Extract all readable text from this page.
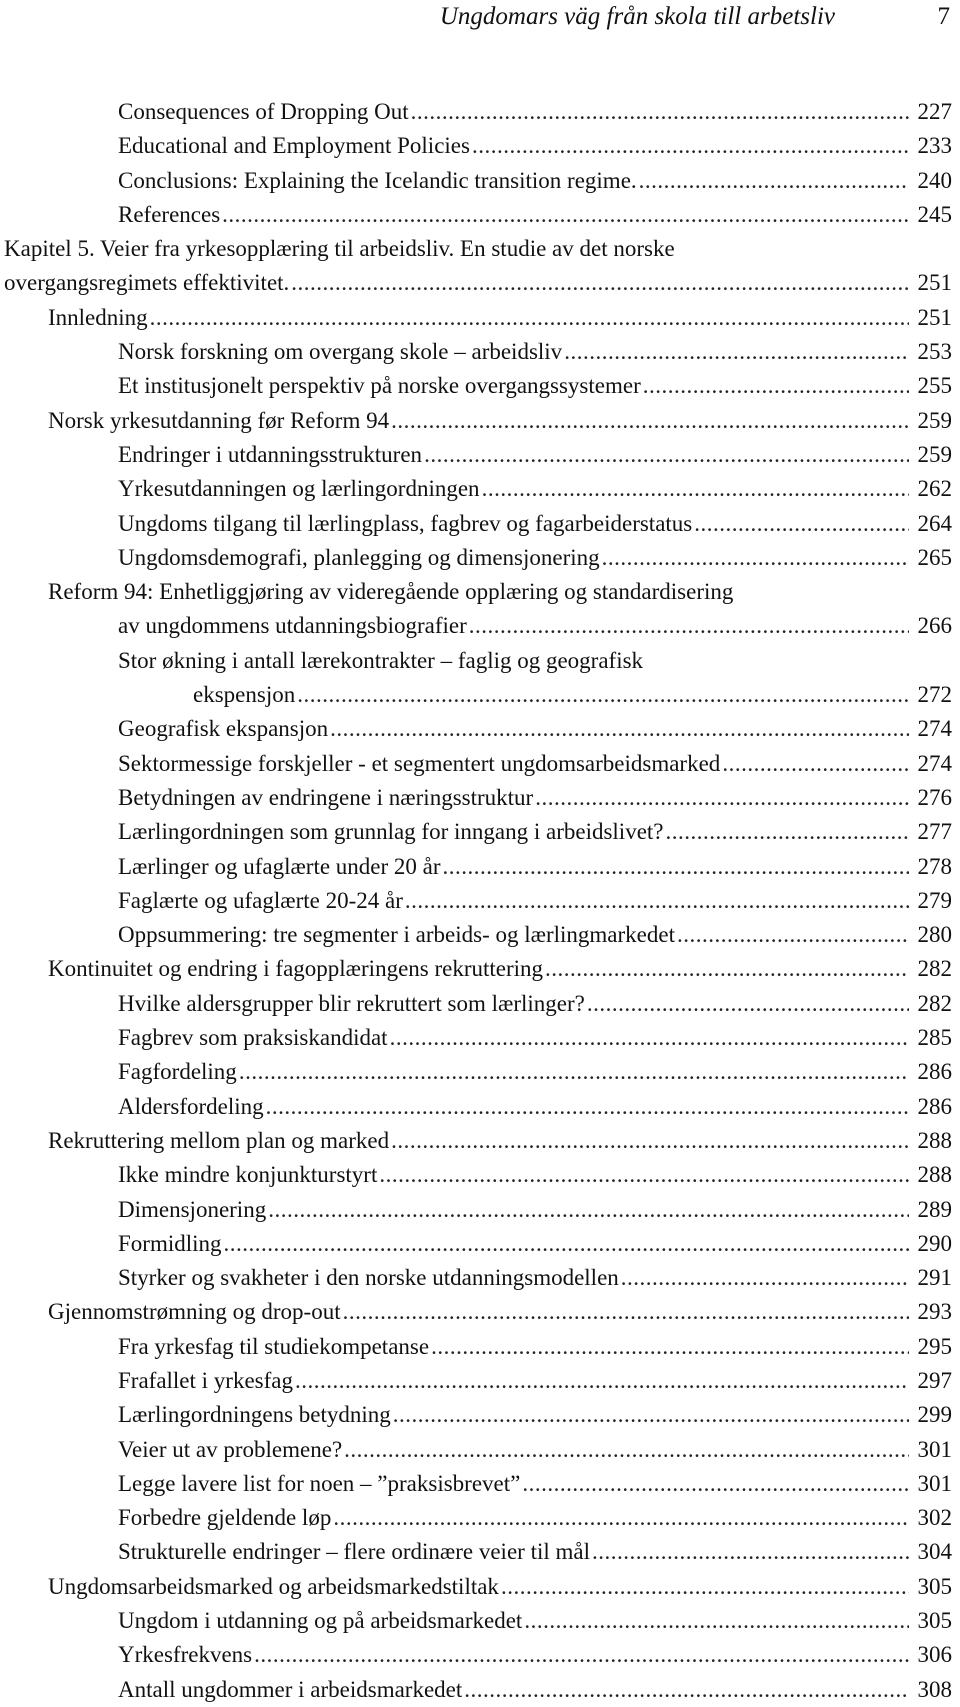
Ungdomars väg från skola till arbetsliv	7
Consequences of Dropping Out .....	227
Educational and Employment Policies .....	233
Conclusions: Explaining the Icelandic transition regime. .....	240
References .....	245
Kapitel 5. Veier fra yrkesopplæring til arbeidsliv. En studie av det norske
overgangsregimets effektivitet. .....	251
Innledning .....	251
Norsk forskning om overgang skole – arbeidsliv .....	253
Et institusjonelt perspektiv på norske overgangssystemer .....	255
Norsk yrkesutdanning før Reform 94 .....	259
Endringer i utdanningsstrukturen .....	259
Yrkesutdanningen og lærlingordningen .....	262
Ungdoms tilgang til lærlingplass, fagbrev og fagarbeiderstatus .....	264
Ungdomsdemografi, planlegging og dimensjonering .....	265
Reform 94: Enhetliggjøring av videregående opplæring og standardisering
av ungdommens utdanningsbiografier .....	266
Stor økning i antall lærekontrakter – faglig og geografisk
ekspensjon .....	272
Geografisk ekspansjon .....	274
Sektormessige forskjeller - et segmentert ungdomsarbeidsmarked .....	274
Betydningen av endringene i næringsstruktur .....	276
Lærlingordningen som grunnlag for inngang i arbeidslivet? .....	277
Lærlinger og ufaglærte under 20 år .....	278
Faglærte og ufaglærte 20-24 år .....	279
Oppsummering: tre segmenter i arbeids- og lærlingmarkedet .....	280
Kontinuitet og endring i fagopplæringens rekruttering .....	282
Hvilke aldersgrupper blir rekruttert som lærlinger? .....	282
Fagbrev som praksiskandidat .....	285
Fagfordeling .....	286
Aldersfordeling .....	286
Rekruttering mellom plan og marked .....	288
Ikke mindre konjunkturstyrt .....	288
Dimensjonering .....	289
Formidling .....	290
Styrker og svakheter i den norske utdanningsmodellen .....	291
Gjennomstrømning og drop-out .....	293
Fra yrkesfag til studiekompetanse .....	295
Frafallet i yrkesfag .....	297
Lærlingordningens betydning .....	299
Veier ut av problemene? .....	301
Legge lavere list for noen – ”praksisbrevet” .....	301
Forbedre gjeldende løp .....	302
Strukturelle endringer – flere ordinære veier til mål .....	304
Ungdomsarbeidsmarked og arbeidsmarkedstiltak .....	305
Ungdom i utdanning og på arbeidsmarkedet .....	305
Yrkesfrekvens .....	306
Antall ungdommer i arbeidsmarkedet .....	308
